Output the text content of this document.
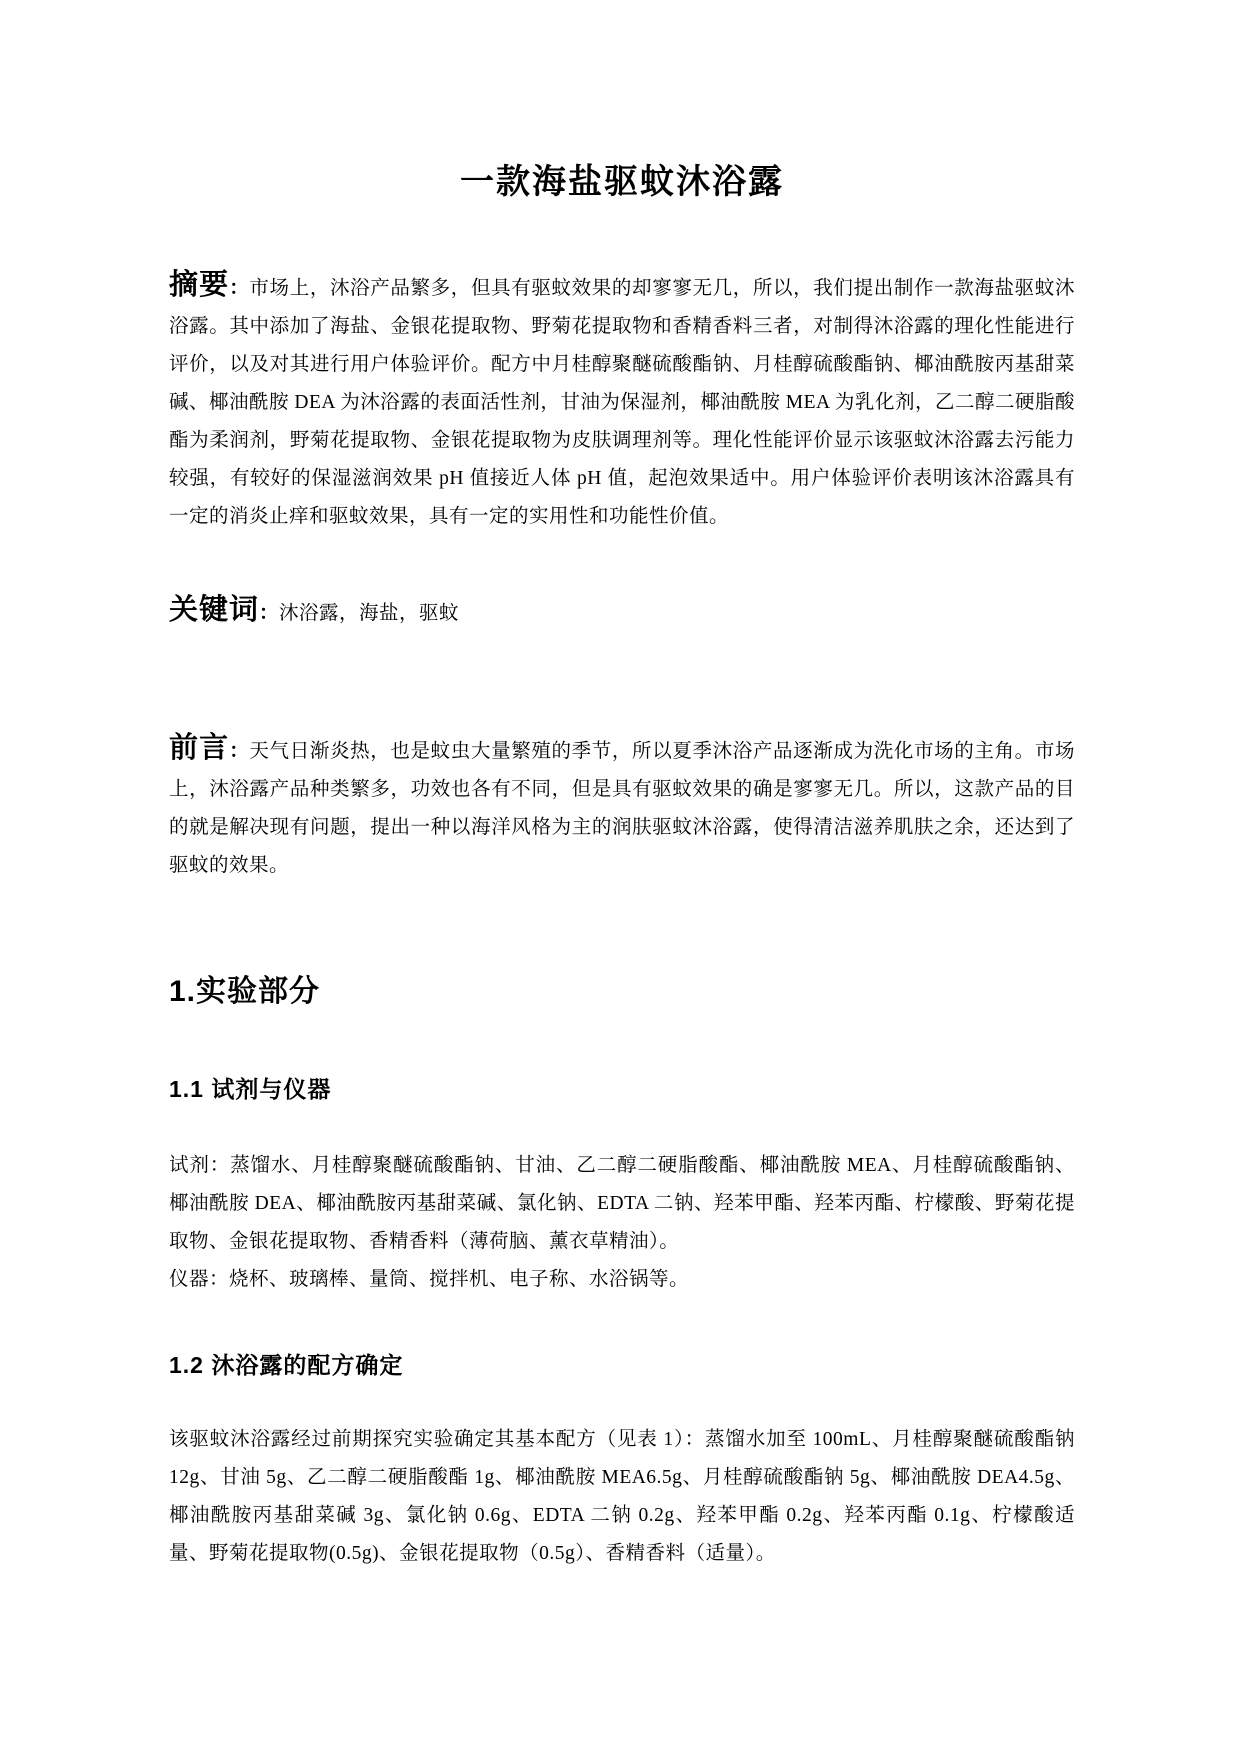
一款海盐驱蚊沐浴露

摘要：市场上，沐浴产品繁多，但具有驱蚊效果的却寥寥无几，所以，我们提出制作一款海盐驱蚊沐浴露。其中添加了海盐、金银花提取物、野菊花提取物和香精香料三者，对制得沐浴露的理化性能进行评价，以及对其进行用户体验评价。配方中月桂醇聚醚硫酸酯钠、月桂醇硫酸酯钠、椰油酰胺丙基甜菜碱、椰油酰胺 DEA 为沐浴露的表面活性剂，甘油为保湿剂，椰油酰胺 MEA 为乳化剂，乙二醇二硬脂酸酯为柔润剂，野菊花提取物、金银花提取物为皮肤调理剂等。理化性能评价显示该驱蚊沐浴露去污能力较强，有较好的保湿滋润效果 pH 值接近人体 pH 值，起泡效果适中。用户体验评价表明该沐浴露具有一定的消炎止痒和驱蚊效果，具有一定的实用性和功能性价值。

关键词：沐浴露，海盐，驱蚊

前言：天气日渐炎热，也是蚊虫大量繁殖的季节，所以夏季沐浴产品逐渐成为洗化市场的主角。市场上，沐浴露产品种类繁多，功效也各有不同，但是具有驱蚊效果的确是寥寥无几。所以，这款产品的目的就是解决现有问题，提出一种以海洋风格为主的润肤驱蚊沐浴露，使得清洁滋养肌肤之余，还达到了驱蚊的效果。

1.实验部分
1.1 试剂与仪器

试剂：蒸馏水、月桂醇聚醚硫酸酯钠、甘油、乙二醇二硬脂酸酯、椰油酰胺 MEA、月桂醇硫酸酯钠、椰油酰胺 DEA、椰油酰胺丙基甜菜碱、氯化钠、EDTA 二钠、羟苯甲酯、羟苯丙酯、柠檬酸、野菊花提取物、金银花提取物、香精香料（薄荷脑、薰衣草精油）。

仪器：烧杯、玻璃棒、量筒、搅拌机、电子称、水浴锅等。

1.2 沐浴露的配方确定

该驱蚊沐浴露经过前期探究实验确定其基本配方（见表 1）：蒸馏水加至 100mL、月桂醇聚醚硫酸酯钠 12g、甘油 5g、乙二醇二硬脂酸酯 1g、椰油酰胺 MEA6.5g、月桂醇硫酸酯钠 5g、椰油酰胺 DEA4.5g、椰油酰胺丙基甜菜碱 3g、氯化钠 0.6g、EDTA 二钠 0.2g、羟苯甲酯 0.2g、羟苯丙酯 0.1g、柠檬酸适量、野菊花提取物(0.5g)、金银花提取物（0.5g）、香精香料（适量）。
